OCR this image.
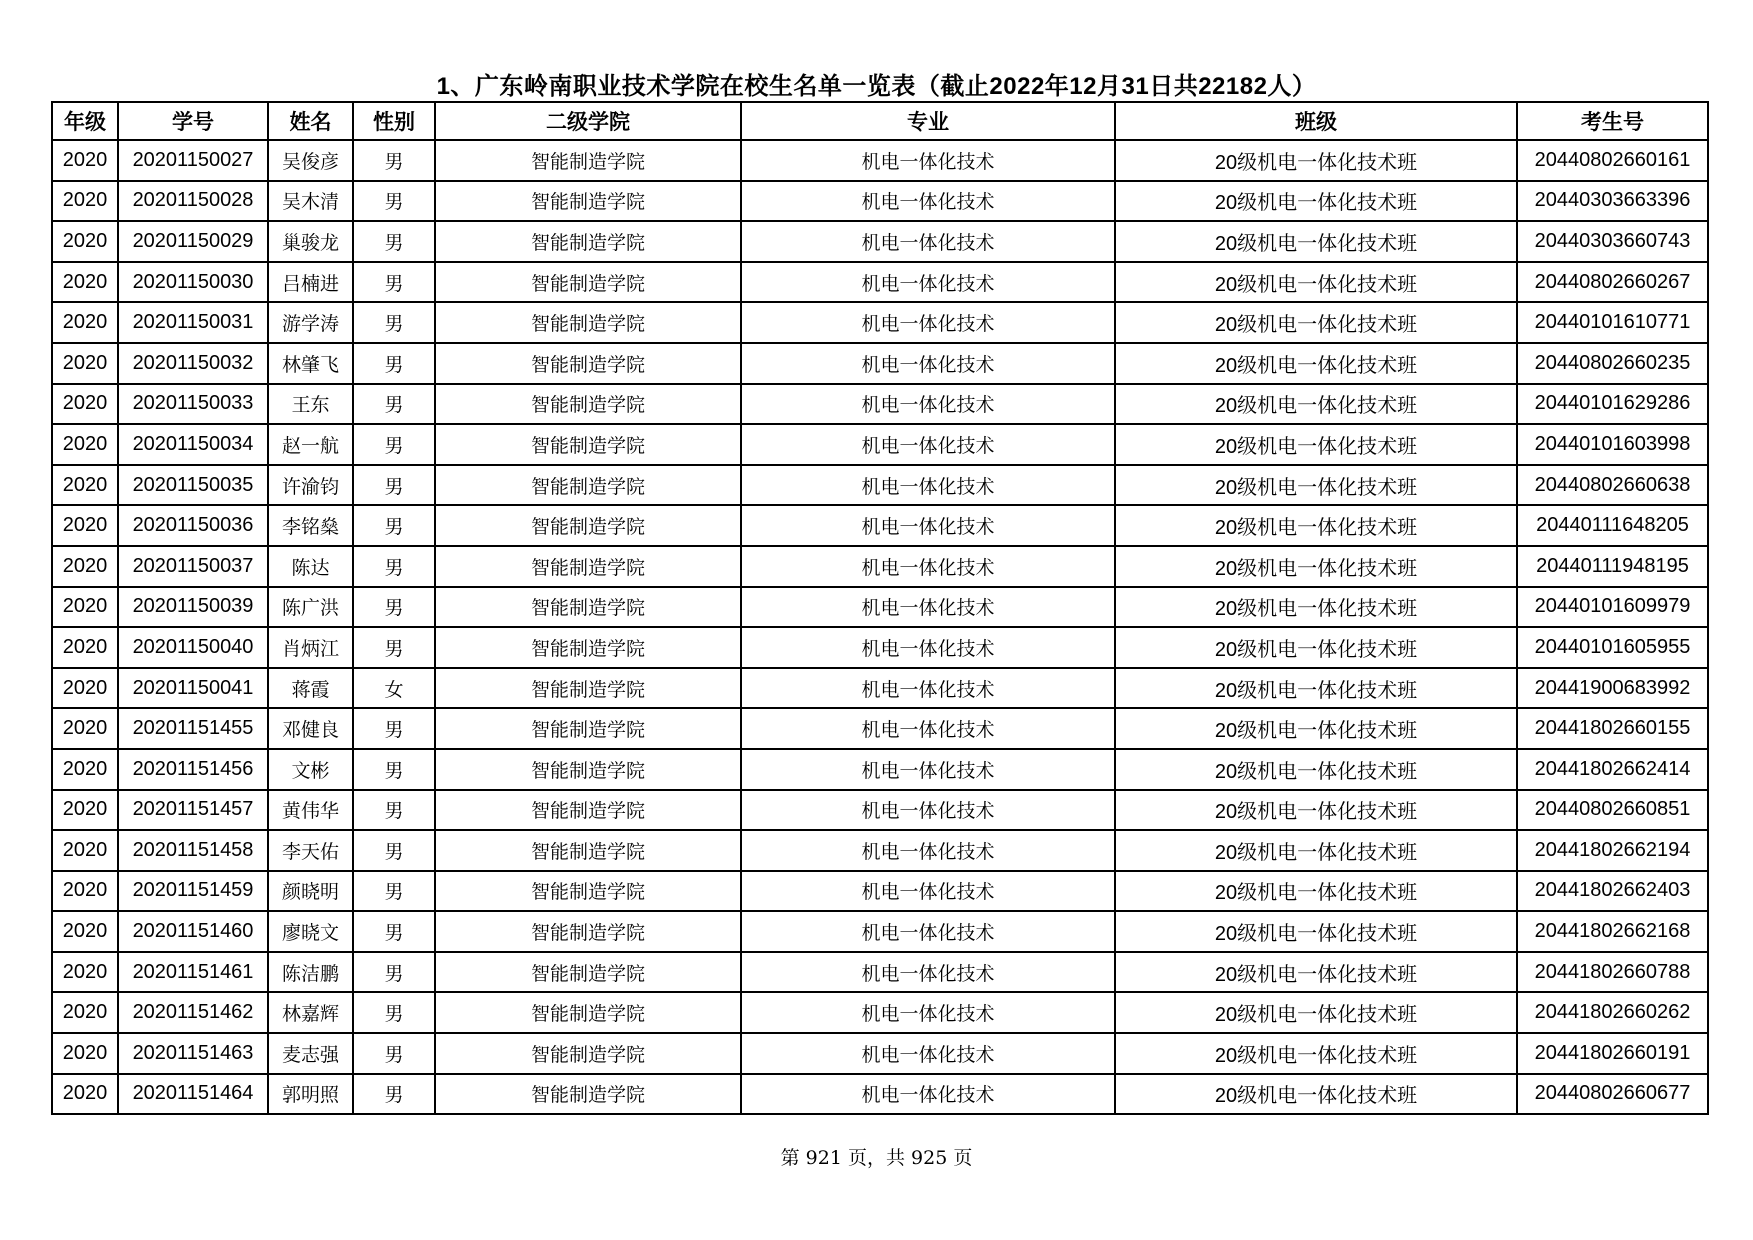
1、广东岭南职业技术学院在校生名单一览表（截止2022年12月31日共22182人）
年级	学号	姓名	性别	二级学院	专业	班级	考生号
2020	20201150027	吴俊彦	男	智能制造学院	机电一体化技术	20级机电一体化技术班	20440802660161
2020	20201150028	吴木清	男	智能制造学院	机电一体化技术	20级机电一体化技术班	20440303663396
2020	20201150029	巢骏龙	男	智能制造学院	机电一体化技术	20级机电一体化技术班	20440303660743
2020	20201150030	吕楠进	男	智能制造学院	机电一体化技术	20级机电一体化技术班	20440802660267
2020	20201150031	游学涛	男	智能制造学院	机电一体化技术	20级机电一体化技术班	20440101610771
2020	20201150032	林肇飞	男	智能制造学院	机电一体化技术	20级机电一体化技术班	20440802660235
2020	20201150033	王东	男	智能制造学院	机电一体化技术	20级机电一体化技术班	20440101629286
2020	20201150034	赵一航	男	智能制造学院	机电一体化技术	20级机电一体化技术班	20440101603998
2020	20201150035	许渝钧	男	智能制造学院	机电一体化技术	20级机电一体化技术班	20440802660638
2020	20201150036	李铭燊	男	智能制造学院	机电一体化技术	20级机电一体化技术班	20440111648205
2020	20201150037	陈达	男	智能制造学院	机电一体化技术	20级机电一体化技术班	20440111948195
2020	20201150039	陈广洪	男	智能制造学院	机电一体化技术	20级机电一体化技术班	20440101609979
2020	20201150040	肖炳江	男	智能制造学院	机电一体化技术	20级机电一体化技术班	20440101605955
2020	20201150041	蒋霞	女	智能制造学院	机电一体化技术	20级机电一体化技术班	20441900683992
2020	20201151455	邓健良	男	智能制造学院	机电一体化技术	20级机电一体化技术班	20441802660155
2020	20201151456	文彬	男	智能制造学院	机电一体化技术	20级机电一体化技术班	20441802662414
2020	20201151457	黄伟华	男	智能制造学院	机电一体化技术	20级机电一体化技术班	20440802660851
2020	20201151458	李天佑	男	智能制造学院	机电一体化技术	20级机电一体化技术班	20441802662194
2020	20201151459	颜晓明	男	智能制造学院	机电一体化技术	20级机电一体化技术班	20441802662403
2020	20201151460	廖晓文	男	智能制造学院	机电一体化技术	20级机电一体化技术班	20441802662168
2020	20201151461	陈洁鹏	男	智能制造学院	机电一体化技术	20级机电一体化技术班	20441802660788
2020	20201151462	林嘉辉	男	智能制造学院	机电一体化技术	20级机电一体化技术班	20441802660262
2020	20201151463	麦志强	男	智能制造学院	机电一体化技术	20级机电一体化技术班	20441802660191
2020	20201151464	郭明照	男	智能制造学院	机电一体化技术	20级机电一体化技术班	20440802660677
第 921 页，共 925 页
